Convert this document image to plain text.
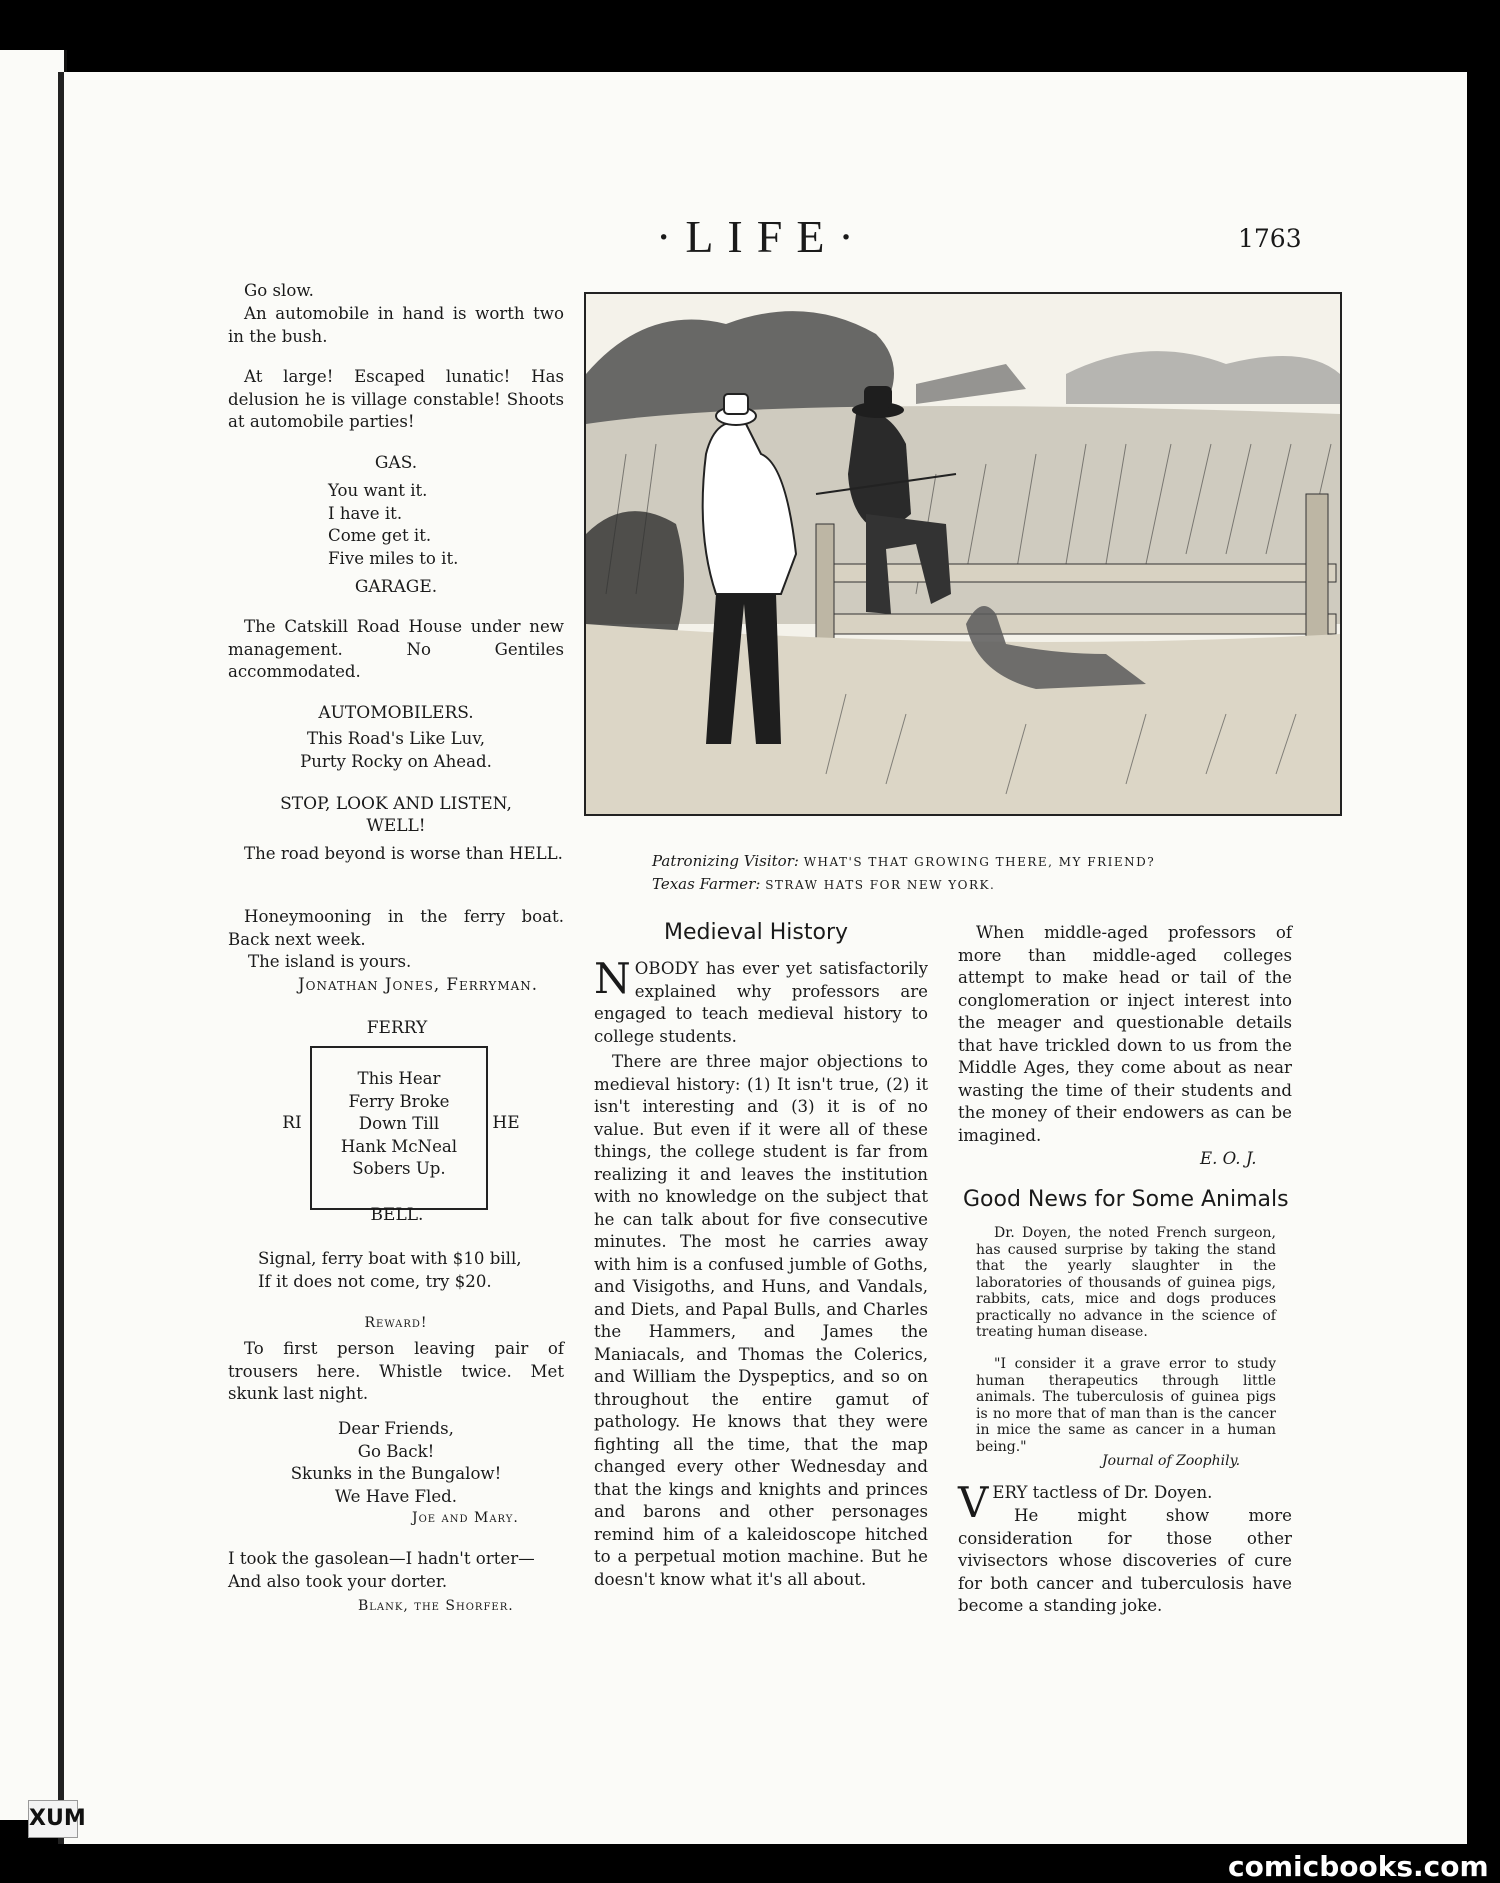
·LIFE·	1763
Go slow.
An automobile in hand is worth two in the bush.
At large! Escaped lunatic! Has delusion he is village constable! Shoots at automobile parties!
GAS.
You want it.
I have it.
Come get it.
Five miles to it.
GARAGE.
The Catskill Road House under new management. No Gentiles accommodated.
AUTOMOBILERS.
This Road's Like Luv,
Purty Rocky on Ahead.
STOP, LOOK AND LISTEN,
WELL!
The road beyond is worse than HELL.
Honeymooning in the ferry boat. Back next week.
The island is yours.
Jonathan Jones, Ferryman.
FERRY
RI	HE
This Hear
Ferry Broke
Down Till
Hank McNeal
Sobers Up.
BELL.
Signal, ferry boat with $10 bill,
If it does not come, try $20.
Reward!
To first person leaving pair of trousers here. Whistle twice. Met skunk last night.
Dear Friends,
Go Back!
Skunks in the Bungalow!
We Have Fled.
Joe and Mary.
I took the gasolean—I hadn't orter—
And also took your dorter.
Blank, the Shorfer.
Patronizing Visitor: WHAT'S THAT GROWING THERE, MY FRIEND?
Texas Farmer: STRAW HATS FOR NEW YORK.
Medieval History
NOBODY has ever yet satisfactorily explained why professors are engaged to teach medieval history to college students.
There are three major objections to medieval history: (1) It isn't true, (2) it isn't interesting and (3) it is of no value. But even if it were all of these things, the college student is far from realizing it and leaves the institution with no knowledge on the subject that he can talk about for five consecutive minutes. The most he carries away with him is a confused jumble of Goths, and Visigoths, and Huns, and Vandals, and Diets, and Papal Bulls, and Charles the Hammers, and James the Maniacals, and Thomas the Colerics, and William the Dyspeptics, and so on throughout the entire gamut of pathology. He knows that they were fighting all the time, that the map changed every other Wednesday and that the kings and knights and princes and barons and other personages remind him of a kaleidoscope hitched to a perpetual motion machine. But he doesn't know what it's all about.
When middle-aged professors of more than middle-aged colleges attempt to make head or tail of the conglomeration or inject interest into the meager and questionable details that have trickled down to us from the Middle Ages, they come about as near wasting the time of their students and the money of their endowers as can be imagined.
E. O. J.
Good News for Some Animals
Dr. Doyen, the noted French surgeon, has caused surprise by taking the stand that the yearly slaughter in the laboratories of thousands of guinea pigs, rabbits, cats, mice and dogs produces practically no advance in the science of treating human disease.
"I consider it a grave error to study human therapeutics through little animals. The tuberculosis of guinea pigs is no more that of man than is the cancer in mice the same as cancer in a human being."
Journal of Zoophily.
VERY tactless of Dr. Doyen.
He might show more consideration for those other vivisectors whose discoveries of cure for both cancer and tuberculosis have become a standing joke.
XUM
comicbooks.com
